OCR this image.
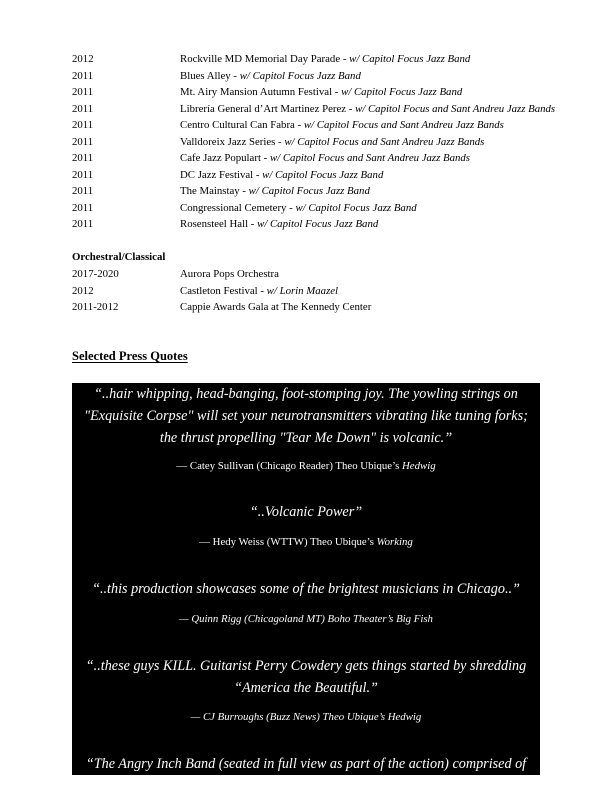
2012	Rockville MD Memorial Day Parade - w/ Capitol Focus Jazz Band
2011	Blues Alley - w/ Capitol Focus Jazz Band
2011	Mt. Airy Mansion Autumn Festival - w/ Capitol Focus Jazz Band
2011	Librería General d’Art Martinez Perez - w/ Capitol Focus and Sant Andreu Jazz Bands
2011	Centro Cultural Can Fabra - w/ Capitol Focus and Sant Andreu Jazz Bands
2011	Valldoreix Jazz Series - w/ Capitol Focus and Sant Andreu Jazz Bands
2011	Cafe Jazz Populart - w/ Capitol Focus and Sant Andreu Jazz Bands
2011	DC Jazz Festival - w/ Capitol Focus Jazz Band
2011	The Mainstay - w/ Capitol Focus Jazz Band
2011	Congressional Cemetery - w/ Capitol Focus Jazz Band
2011	Rosensteel Hall - w/ Capitol Focus Jazz Band
Orchestral/Classical
2017-2020	Aurora Pops Orchestra
2012	Castleton Festival - w/ Lorin Maazel
2011-2012	Cappie Awards Gala at The Kennedy Center
Selected Press Quotes
“..hair whipping, head-banging, foot-stomping joy. The yowling strings on
"Exquisite Corpse" will set your neurotransmitters vibrating like tuning forks;
the thrust propelling "Tear Me Down" is volcanic.”
— Catey Sullivan (Chicago Reader) Theo Ubique’s Hedwig
“..Volcanic Power”
— Hedy Weiss (WTTW) Theo Ubique’s Working
“..this production showcases some of the brightest musicians in Chicago..”
— Quinn Rigg (Chicagoland MT) Boho Theater’s Big Fish
“..these guys KILL. Guitarist Perry Cowdery gets things started by shredding
“America the Beautiful.”
— CJ Burroughs (Buzz News) Theo Ubique’s Hedwig
“The Angry Inch Band (seated in full view as part of the action) comprised of
